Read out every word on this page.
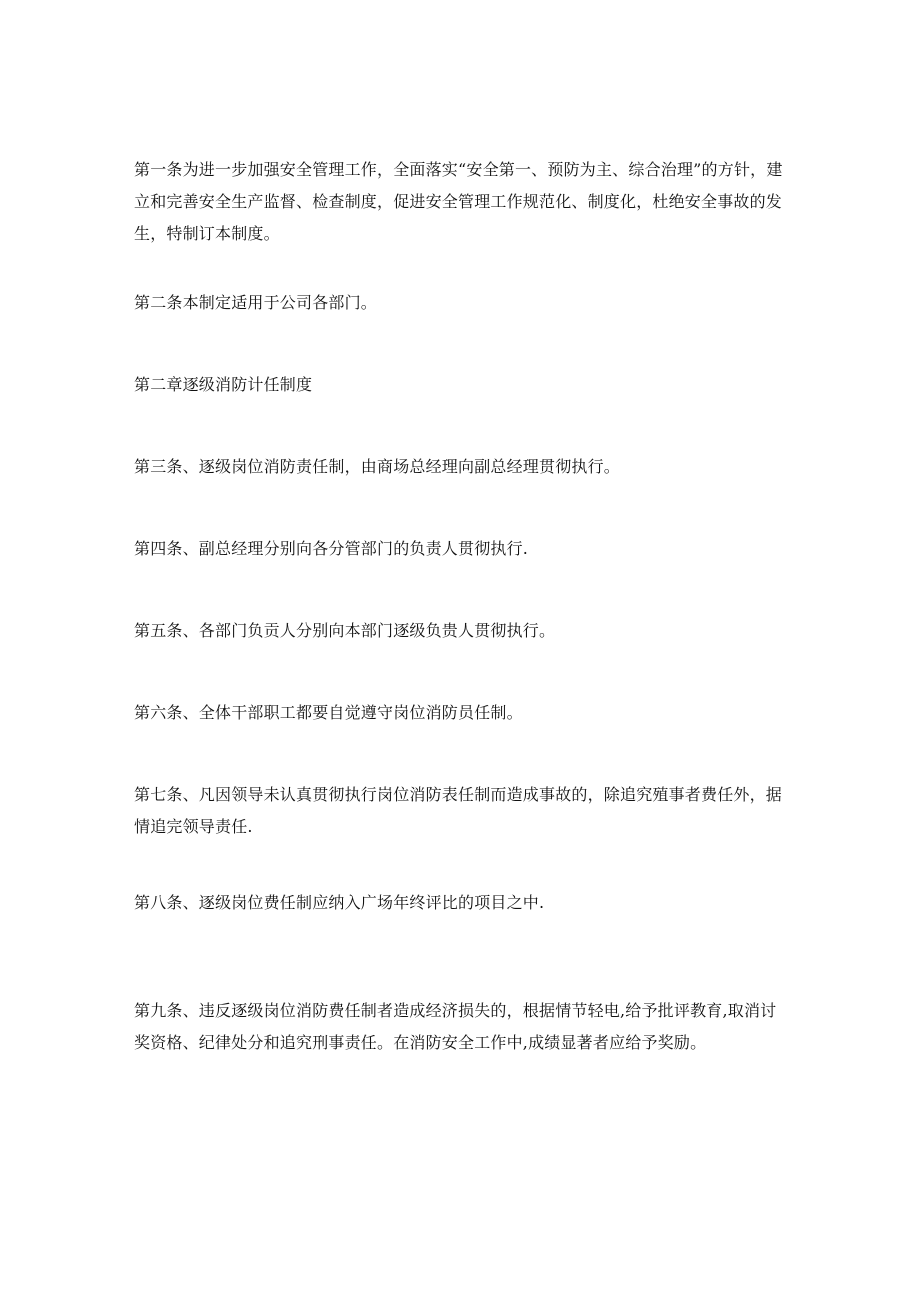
第一条为进一步加强安全管理工作，全面落实“安全第一、预防为主、综合治理”的方针，建立和完善安全生产监督、检查制度，促进安全管理工作规范化、制度化，杜绝安全事故的发生，特制订本制度。

第二条本制定适用于公司各部门。

第二章逐级消防计任制度

第三条、逐级岗位消防责任制，由商场总经理向副总经理贯彻执行。

第四条、副总经理分别向各分管部门的负责人贯彻执行.

第五条、各部门负贡人分别向本部门逐级负贵人贯彻执行。

第六条、全体干部职工都要自觉遵守岗位消防员任制。

第七条、凡因领导未认真贯彻执行岗位消防表任制而造成事故的，除追究殖事者费任外，据情追完领导责任.

第八条、逐级岗位费任制应纳入广场年终评比的项目之中.

第九条、违反逐级岗位消防费任制者造成经济损失的，根据情节轻电,给予批评教育,取消讨奖资格、纪律处分和追究刑事责任。在消防安全工作中,成绩显著者应给予奖励。
